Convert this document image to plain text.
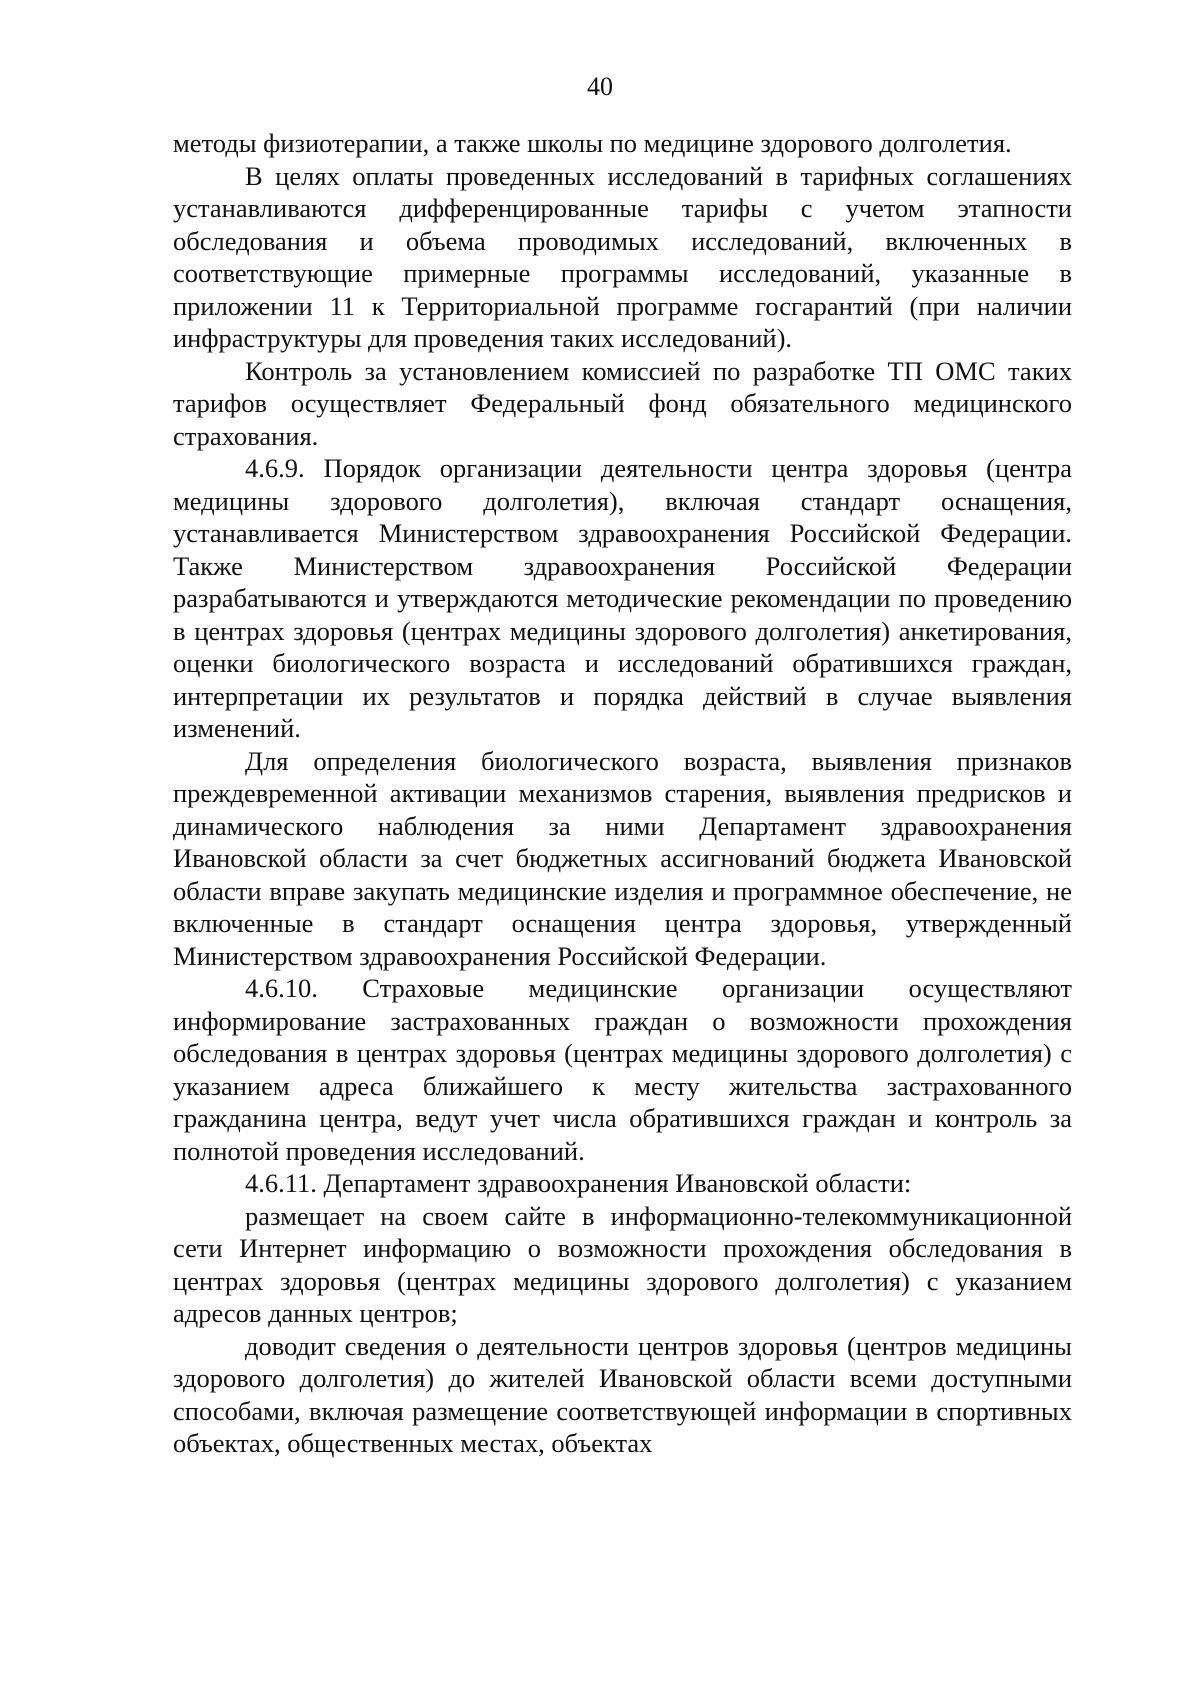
40

методы физиотерапии, а также школы по медицине здорового долголетия.

В целях оплаты проведенных исследований в тарифных соглашениях устанавливаются дифференцированные тарифы с учетом этапности обследования и объема проводимых исследований, включенных в соответствующие примерные программы исследований, указанные в приложении 11 к Территориальной программе госгарантий (при наличии инфраструктуры для проведения таких исследований).

Контроль за установлением комиссией по разработке ТП ОМС таких тарифов осуществляет Федеральный фонд обязательного медицинского страхования.

4.6.9. Порядок организации деятельности центра здоровья (центра медицины здорового долголетия), включая стандарт оснащения, устанавливается Министерством здравоохранения Российской Федерации. Также Министерством здравоохранения Российской Федерации разрабатываются и утверждаются методические рекомендации по проведению в центрах здоровья (центрах медицины здорового долголетия) анкетирования, оценки биологического возраста и исследований обратившихся граждан, интерпретации их результатов и порядка действий в случае выявления изменений.

Для определения биологического возраста, выявления признаков преждевременной активации механизмов старения, выявления предрисков и динамического наблюдения за ними Департамент здравоохранения Ивановской области за счет бюджетных ассигнований бюджета Ивановской области вправе закупать медицинские изделия и программное обеспечение, не включенные в стандарт оснащения центра здоровья, утвержденный Министерством здравоохранения Российской Федерации.

4.6.10. Страховые медицинские организации осуществляют информирование застрахованных граждан о возможности прохождения обследования в центрах здоровья (центрах медицины здорового долголетия) с указанием адреса ближайшего к месту жительства застрахованного гражданина центра, ведут учет числа обратившихся граждан и контроль за полнотой проведения исследований.

4.6.11. Департамент здравоохранения Ивановской области:

размещает на своем сайте в информационно-телекоммуникационной сети Интернет информацию о возможности прохождения обследования в центрах здоровья (центрах медицины здорового долголетия) с указанием адресов данных центров;

доводит сведения о деятельности центров здоровья (центров медицины здорового долголетия) до жителей Ивановской области всеми доступными способами, включая размещение соответствующей информации в спортивных объектах, общественных местах, объектах
